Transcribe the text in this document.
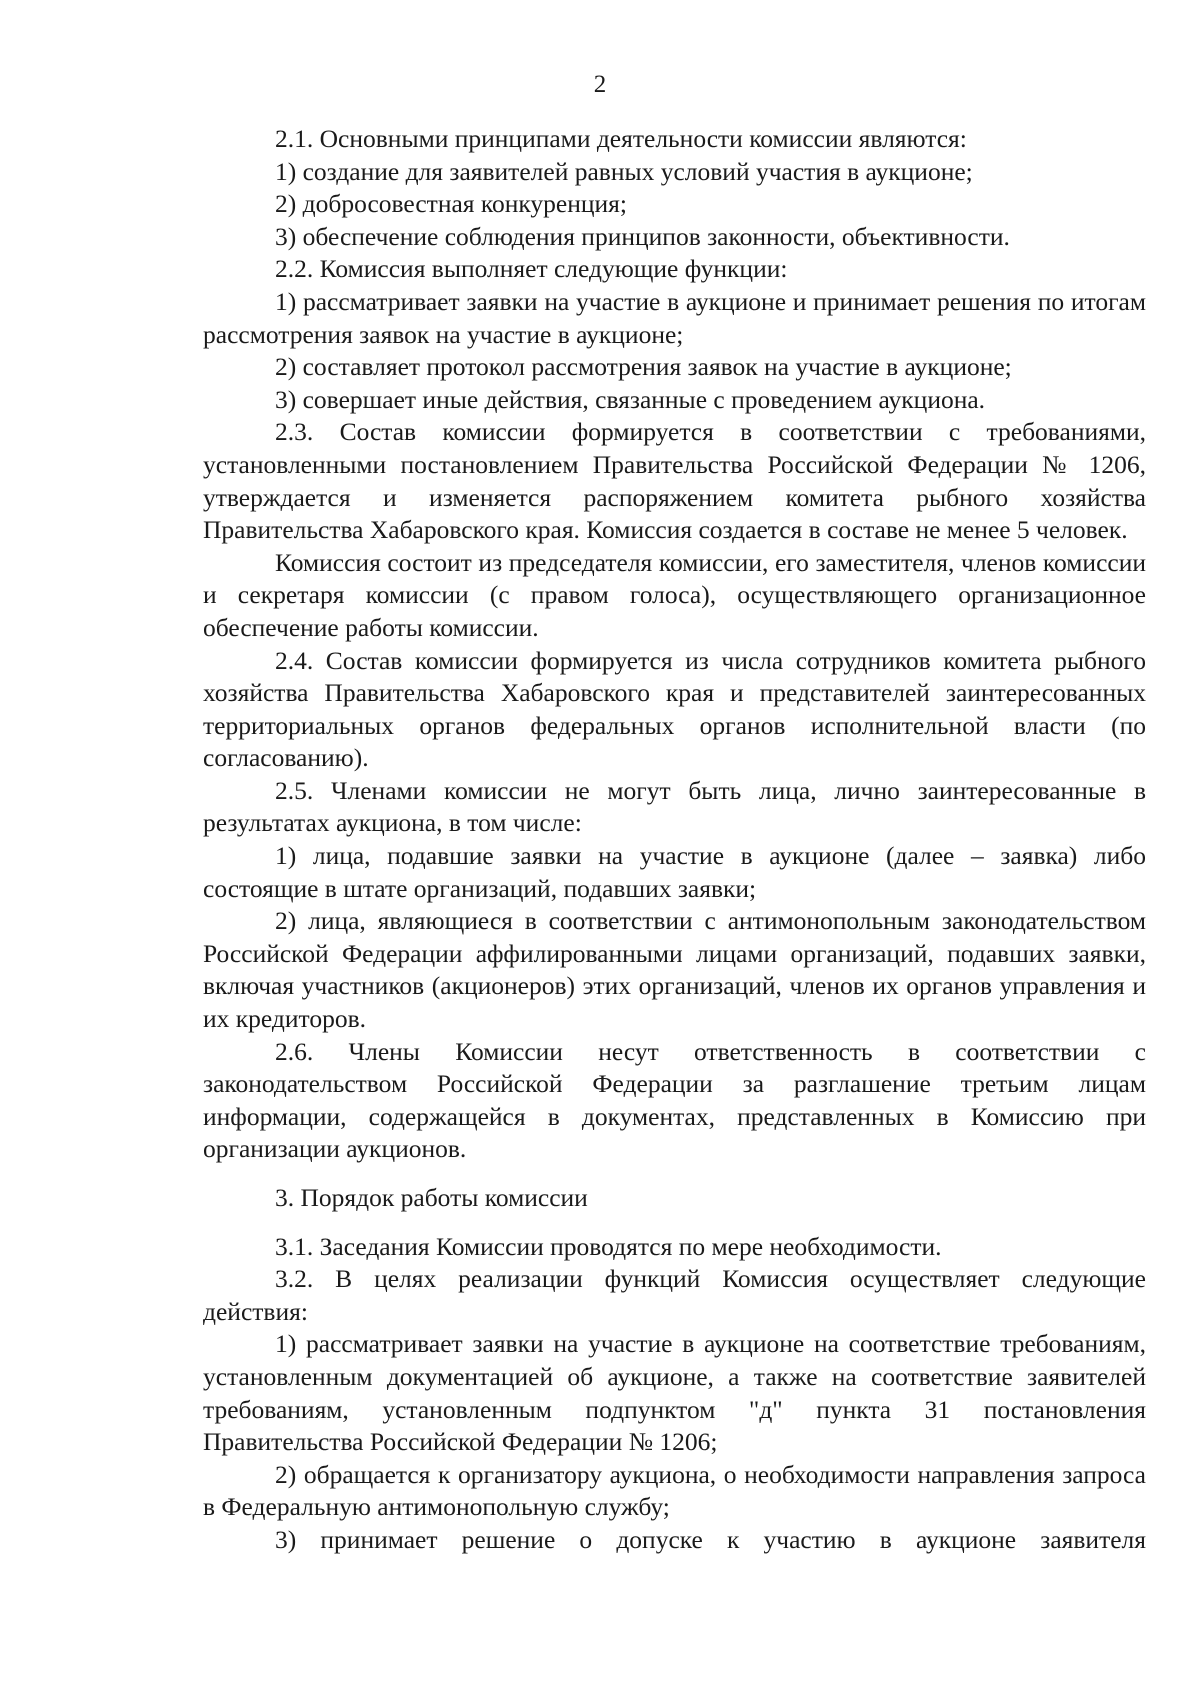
2

2.1. Основными принципами деятельности комиссии являются:

1) создание для заявителей равных условий участия в аукционе;

2) добросовестная конкуренция;

3) обеспечение соблюдения принципов законности, объективности.

2.2. Комиссия выполняет следующие функции:

1) рассматривает заявки на участие в аукционе и принимает решения по итогам рассмотрения заявок на участие в аукционе;

2) составляет протокол рассмотрения заявок на участие в аукционе;

3) совершает иные действия, связанные с проведением аукциона.

2.3. Состав комиссии формируется в соответствии с требованиями, установленными постановлением Правительства Российской Федерации № 1206, утверждается и изменяется распоряжением комитета рыбного хозяйства Правительства Хабаровского края. Комиссия создается в составе не менее 5 человек.

Комиссия состоит из председателя комиссии, его заместителя, членов комиссии и секретаря комиссии (с правом голоса), осуществляющего организационное обеспечение работы комиссии.

2.4. Состав комиссии формируется из числа сотрудников комитета рыбного хозяйства Правительства Хабаровского края и представителей заинтересованных территориальных органов федеральных органов исполнительной власти (по согласованию).

2.5. Членами комиссии не могут быть лица, лично заинтересованные в результатах аукциона, в том числе:

1) лица, подавшие заявки на участие в аукционе (далее – заявка) либо состоящие в штате организаций, подавших заявки;

2) лица, являющиеся в соответствии с антимонопольным законодательством Российской Федерации аффилированными лицами организаций, подавших заявки, включая участников (акционеров) этих организаций, членов их органов управления и их кредиторов.

2.6. Члены Комиссии несут ответственность в соответствии с законодательством Российской Федерации за разглашение третьим лицам информации, содержащейся в документах, представленных в Комиссию при организации аукционов.

3. Порядок работы комиссии

3.1. Заседания Комиссии проводятся по мере необходимости.

3.2. В целях реализации функций Комиссия осуществляет следующие действия:

1) рассматривает заявки на участие в аукционе на соответствие требованиям, установленным документацией об аукционе, а также на соответствие заявителей требованиям, установленным подпунктом "д" пункта 31 постановления Правительства Российской Федерации № 1206;

2) обращается к организатору аукциона, о необходимости направления запроса в Федеральную антимонопольную службу;

3) принимает решение о допуске к участию в аукционе заявителя
